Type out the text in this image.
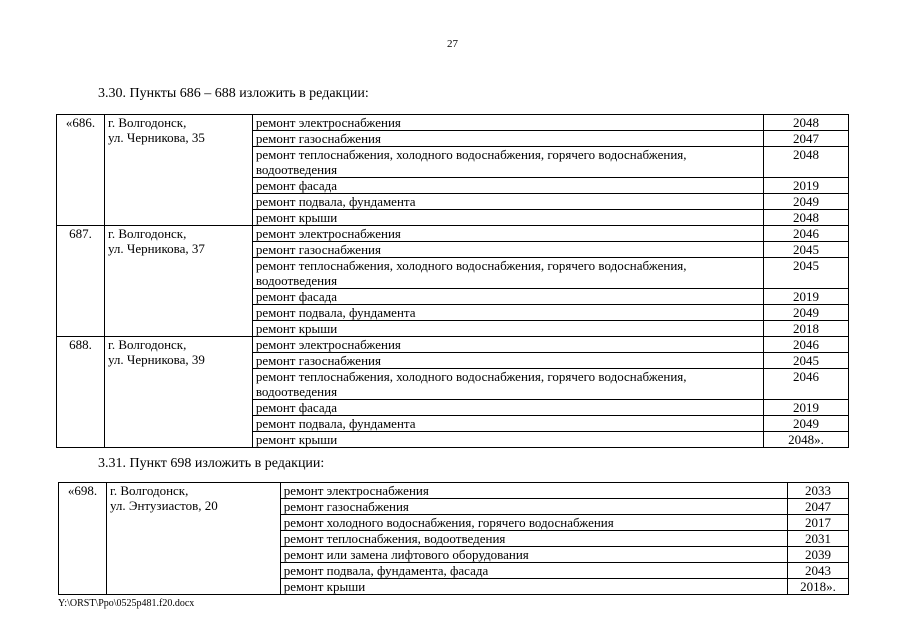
27
3.30. Пункты 686 – 688 изложить в редакции:
«686.	г. Волгодонск,
ул. Черникова, 35	ремонт электроснабжения	2048
		ремонт газоснабжения	2047
		ремонт теплоснабжения, холодного водоснабжения, горячего водоснабжения, водоотведения	2048
		ремонт фасада	2019
		ремонт подвала, фундамента	2049
		ремонт крыши	2048
687.	г. Волгодонск,
ул. Черникова, 37	ремонт электроснабжения	2046
		ремонт газоснабжения	2045
		ремонт теплоснабжения, холодного водоснабжения, горячего водоснабжения, водоотведения	2045
		ремонт фасада	2019
		ремонт подвала, фундамента	2049
		ремонт крыши	2018
688.	г. Волгодонск,
ул. Черникова, 39	ремонт электроснабжения	2046
		ремонт газоснабжения	2045
		ремонт теплоснабжения, холодного водоснабжения, горячего водоснабжения, водоотведения	2046
		ремонт фасада	2019
		ремонт подвала, фундамента	2049
		ремонт крыши	2048».
3.31. Пункт 698 изложить в редакции:
«698.	г. Волгодонск,
ул. Энтузиастов, 20	ремонт электроснабжения	2033
		ремонт газоснабжения	2047
		ремонт холодного водоснабжения, горячего водоснабжения	2017
		ремонт теплоснабжения, водоотведения	2031
		ремонт или замена лифтового оборудования	2039
		ремонт подвала, фундамента, фасада	2043
		ремонт крыши	2018».
Y:\ORST\Ppo\0525p481.f20.docx
